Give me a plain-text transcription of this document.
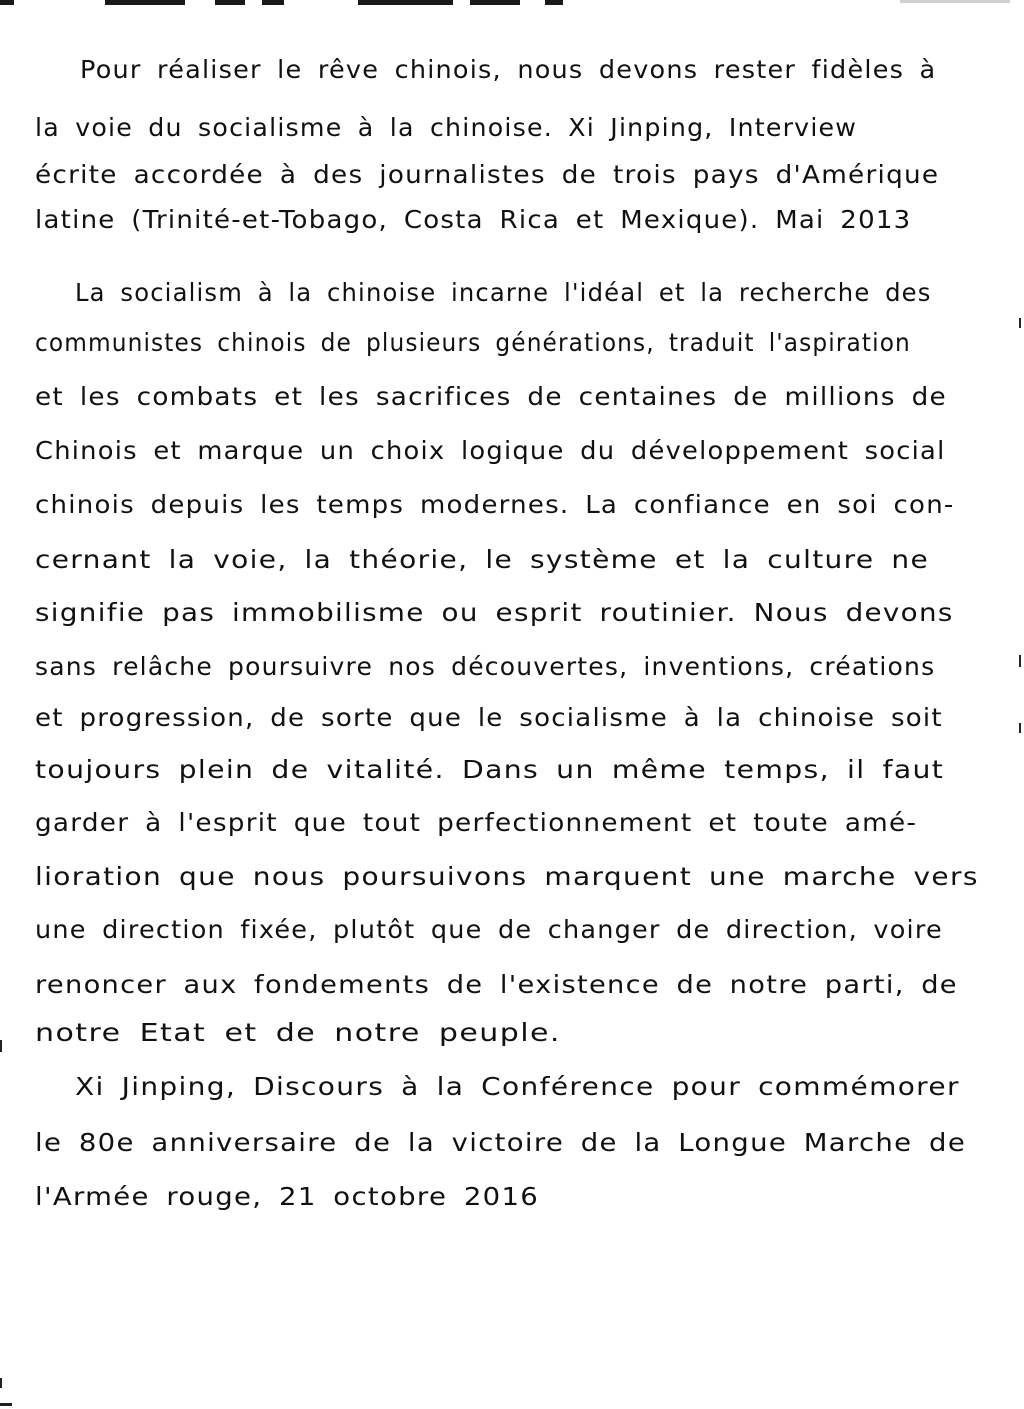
Pour réaliser le rêve chinois, nous devons rester fidèles à
la voie du socialisme à la chinoise. Xi Jinping, Interview
écrite accordée à des journalistes de trois pays d'Amérique
latine (Trinité-et-Tobago, Costa Rica et Mexique). Mai 2013
La socialism à la chinoise incarne l'idéal et la recherche des
communistes chinois de plusieurs générations, traduit l'aspiration
et les combats et les sacrifices de centaines de millions de
Chinois et marque un choix logique du développement social
chinois depuis les temps modernes. La confiance en soi con-
cernant la voie, la théorie, le système et la culture ne
signifie pas immobilisme ou esprit routinier. Nous devons
sans relâche poursuivre nos découvertes, inventions, créations
et progression, de sorte que le socialisme à la chinoise soit
toujours plein de vitalité. Dans un même temps, il faut
garder à l'esprit que tout perfectionnement et toute amé-
lioration que nous poursuivons marquent une marche vers
une direction fixée, plutôt que de changer de direction, voire
renoncer aux fondements de l'existence de notre parti, de
notre Etat et de notre peuple.
Xi Jinping, Discours à la Conférence pour commémorer
le 80e anniversaire de la victoire de la Longue Marche de
l'Armée rouge, 21 octobre 2016
